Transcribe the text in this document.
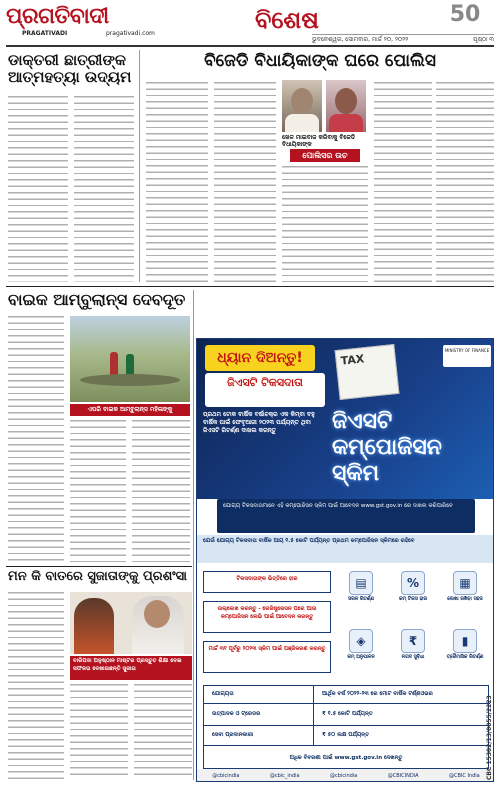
ପ୍ରଗତିବାଦୀ
PRAGATIVADI	pragativadi.com	ବିଶେଷ	50
ଭୁବନେଶ୍ୱର, ସୋମବାର, ମାର୍ଚ୍ଚ ୨୦, ୨୦୨୨	ପୃଷ୍ଠା ୩
ଡାକ୍ତରୀ ଛାତ୍ରୀଙ୍କ ଆତ୍ମହତ୍ୟା ଉଦ୍ୟମ
ବିଜେଡି ବିଧାୟିକାଙ୍କ ଘରେ ପୋଲିସ
ଖେଳ ମାଇବାଜ କରିବାକୁ ବିଜେଡି ବିଧାୟିକାଙ୍କ
ପୋଲିସର ଉଚ
ବାଇକ ଆମ୍ବୁଲାନ୍ସ ଦେବଦୂତ
ଏପରି ବାଇକ ଆମ୍ବୁଲାନ୍ସ ମହିଳାଙ୍କୁ
ମନ କି ବାତରେ ସୁଜାତାଙ୍କୁ ପ୍ରଶଂସା
ବାରିପଦା ଅନୁଷ୍ଠାନ ମାଷ୍ଟର ପ୍ରସ୍ତୁତ ଶିକ୍ଷା ଦେଇ ସଫଳତା ଦେଖାଉଛନ୍ତି ସୁଜାତା
ଧ୍ୟାନ ଦିଅନ୍ତୁ!
ଜିଏସଟି ଟିକସଦାତା
ପ୍ରଥମ ଟୋକ ବାର୍ଷିକ ବର୍ଷାଚକ୍ର ଏକ କିମ୍ବା ବହୁ ବାର୍ଷିକ ପାଇଁ ଫେବୃଆରୀ ୨୦୨୩ ପର୍ଯ୍ୟନ୍ତ ଥିବା ଜିଏସଟି ରିଟର୍ଣ୍ଣ ଦାଖଲ କରନ୍ତୁ
TAX
MINISTRY OF FINANCE
ଜିଏସଟି କମ୍ପୋଜିସନ ସ୍କିମ
ଯୋଗ୍ୟ ଟିକସଦାତାମାନେ ଏହି କମ୍ପୋଜିସନ ସ୍କିମ ପାଇଁ ଆବେଦନ www.gst.gov.in ରେ ଦାଖଲ କରିପାରିବେ
ଯେଉଁ ଯୋଗ୍ୟ ଟିକସଦାତା ବାର୍ଷିକ ଆୟ ୧.୫ କୋଟି ପର୍ଯ୍ୟନ୍ତ ପ୍ରଥମ କମ୍ପୋଜିସନ ସ୍କିମରେ ରହିବେ
ଟିକସଦାତାଙ୍କ ଭିତ୍ତିରେ ହାର
ଉଲ୍ଲେଖ କରନ୍ତୁ - ରେଜିଷ୍ଟ୍ରେସନ ପରେ ଆଉ କମ୍ପୋଜିସନ ଲେଭି ପାଇଁ ଆବେଦନ କରନ୍ତୁ
ମାର୍ଚ୍ଚ ୩୧ ପୂର୍ବରୁ ୨୦୨୩ ସ୍କିମ ପାଇଁ ପଞ୍ଜିକରଣ କରନ୍ତୁ
▤
ସରଳ ରିଟର୍ଣ୍ଣ
%
କମ୍ ଟିକସ ହାର
▦
ଲେଖା ରଖିବା ସହଜ
◈
କମ୍ ଅନୁପାଳନ
₹
ନଗଦ ସୁବିଧା
▮
ତ୍ରୈମାସିକ ରିଟର୍ଣ୍ଣ
ଯୋଗ୍ୟତା	ଆର୍ଥିକ ବର୍ଷ ୨୦୨୨-୨୩ ରେ ମୋଟ ବାର୍ଷିକ ଟର୍ଣ୍ଣଓଭର
ଉତ୍ପାଦକ ଓ ଟ୍ରେଡର	₹ ୧.୫ କୋଟି ପର୍ଯ୍ୟନ୍ତ
ସେବା ପ୍ରଦାନକାରୀ	₹ ୫୦ ଲକ୍ଷ ପର୍ଯ୍ୟନ୍ତ
ଅଧିକ ବିବରଣୀ ପାଇଁ www.gst.gov.in ଦେଖନ୍ତୁ
@cbicindia	@cbic_india	@cbicindia	@CBICINDIA	@CBIC India CBC 15302/13/0055/2223
